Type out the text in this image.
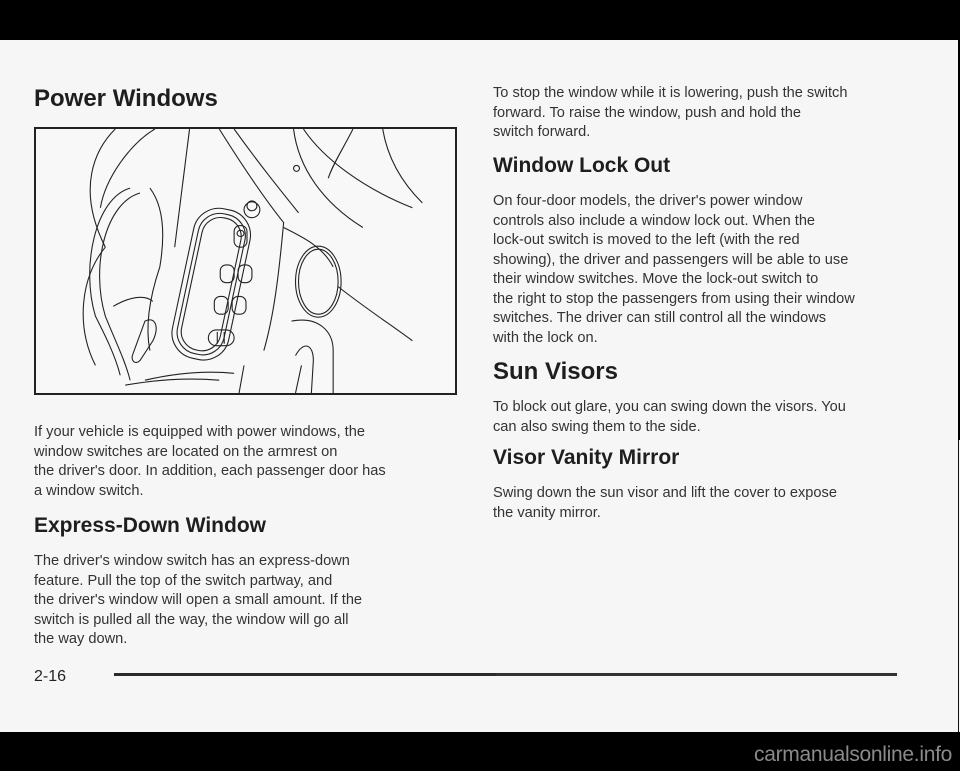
Power Windows

If your vehicle is equipped with power windows, the
window switches are located on the armrest on
the driver's door. In addition, each passenger door has
a window switch.

Express-Down Window

The driver's window switch has an express-down
feature. Pull the top of the switch partway, and
the driver's window will open a small amount. If the
switch is pulled all the way, the window will go all
the way down.

To stop the window while it is lowering, push the switch
forward. To raise the window, push and hold the
switch forward.

Window Lock Out

On four-door models, the driver's power window
controls also include a window lock out. When the
lock-out switch is moved to the left (with the red
showing), the driver and passengers will be able to use
their window switches. Move the lock-out switch to
the right to stop the passengers from using their window
switches. The driver can still control all the windows
with the lock on.

Sun Visors

To block out glare, you can swing down the visors. You
can also swing them to the side.

Visor Vanity Mirror

Swing down the sun visor and lift the cover to expose
the vanity mirror.

2-16
carmanualsonline.info
